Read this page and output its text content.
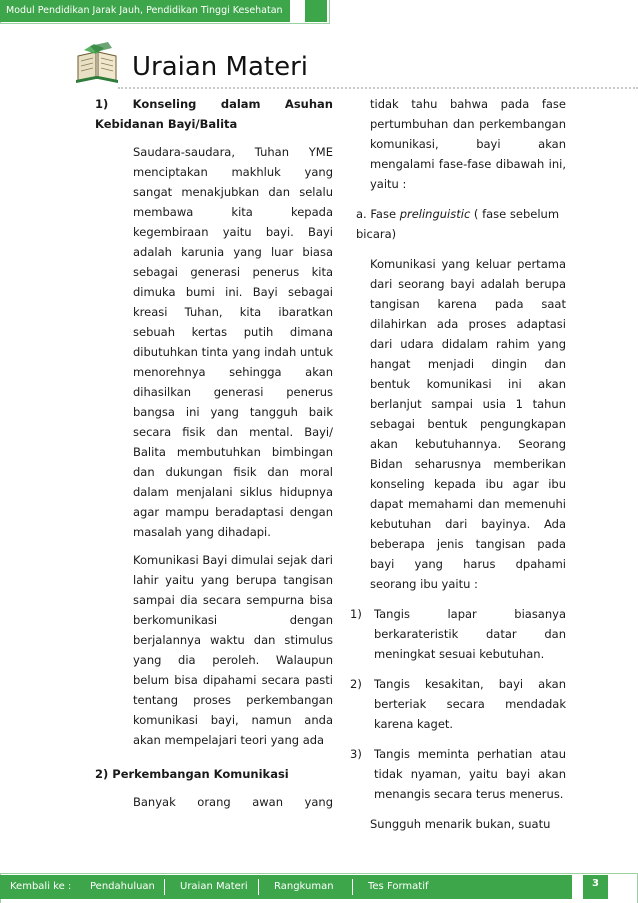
Modul Pendidikan Jarak Jauh, Pendidikan Tinggi Kesehatan
Uraian Materi
1) Konseling dalam Asuhan Kebidanan Bayi/Balita
Saudara-saudara, Tuhan YME menciptakan makhluk yang sangat menakjubkan dan selalu membawa kita kepada kegembiraan yaitu bayi. Bayi adalah karunia yang luar biasa sebagai generasi penerus kita dimuka bumi ini. Bayi sebagai kreasi Tuhan, kita ibaratkan sebuah kertas putih dimana dibutuhkan tinta yang indah untuk menorehnya sehingga akan dihasilkan generasi penerus bangsa ini yang tangguh baik secara fisik dan mental. Bayi/ Balita membutuhkan bimbingan dan dukungan fisik dan moral dalam menjalani siklus hidupnya agar mampu beradaptasi dengan masalah yang dihadapi.
Komunikasi Bayi dimulai sejak dari lahir yaitu yang berupa tangisan sampai dia secara sempurna bisa berkomunikasi dengan berjalannya waktu dan stimulus yang dia peroleh. Walaupun belum bisa dipahami secara pasti tentang proses perkembangan komunikasi bayi, namun anda akan mempelajari teori yang ada
2) Perkembangan Komunikasi
Banyak orang awan yang
tidak tahu bahwa pada fase pertumbuhan dan perkembangan komunikasi, bayi akan mengalami fase-fase dibawah ini, yaitu :
a. Fase prelinguistic ( fase sebelum bicara)
Komunikasi yang keluar pertama dari seorang bayi adalah berupa tangisan karena pada saat dilahirkan ada proses adaptasi dari udara didalam rahim yang hangat menjadi dingin dan bentuk komunikasi ini akan berlanjut sampai usia 1 tahun sebagai bentuk pengungkapan akan kebutuhannya. Seorang Bidan seharusnya memberikan konseling kepada ibu agar ibu dapat memahami dan memenuhi kebutuhan dari bayinya. Ada beberapa jenis tangisan pada bayi yang harus dpahami seorang ibu yaitu :
1) Tangis lapar biasanya berkarateristik datar dan meningkat sesuai kebutuhan.
2) Tangis kesakitan, bayi akan berteriak secara mendadak karena kaget.
3) Tangis meminta perhatian atau tidak nyaman, yaitu bayi akan menangis secara terus menerus.
Sungguh menarik bukan, suatu
Kembali ke : Pendahuluan	Uraian Materi	Rangkuman	Tes Formatif	3
